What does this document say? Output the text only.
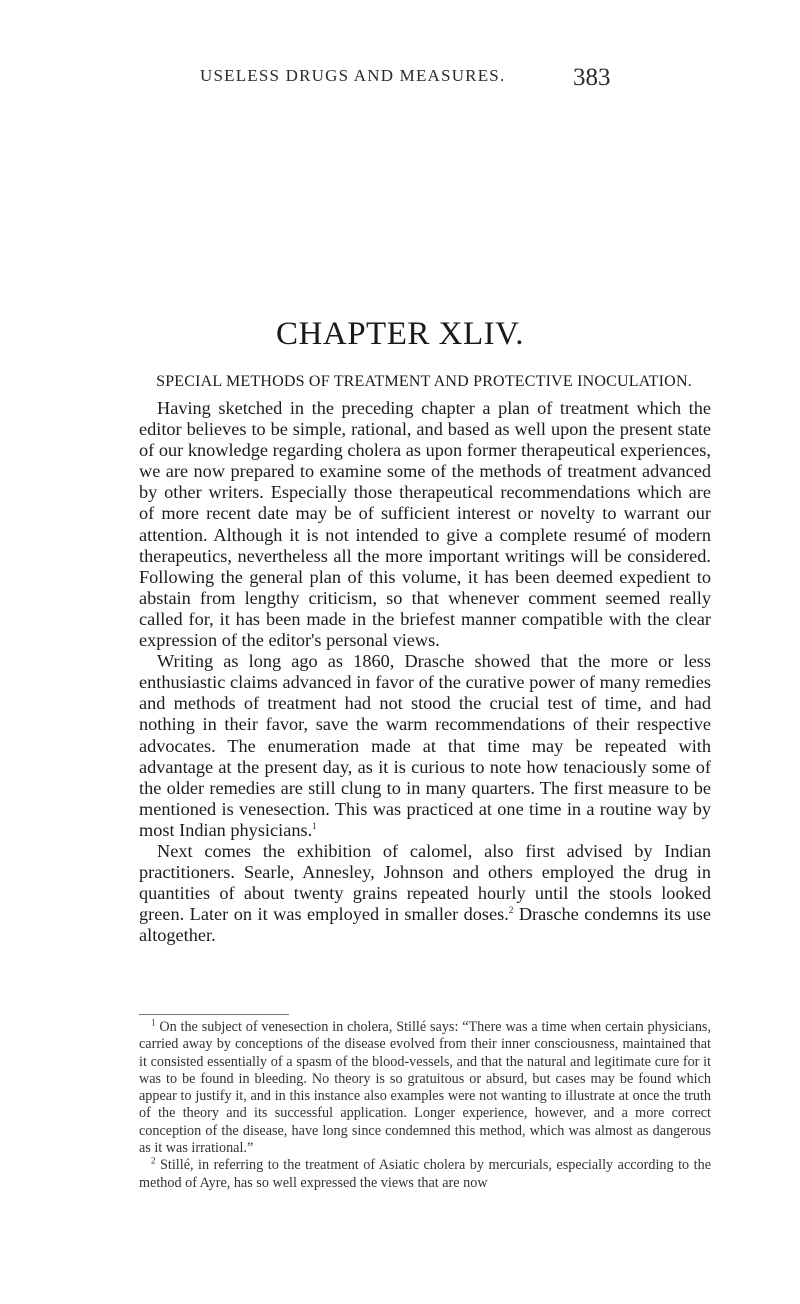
USELESS DRUGS AND MEASURES.	383
CHAPTER XLIV.
SPECIAL METHODS OF TREATMENT AND PROTECTIVE INOCULATION.

Having sketched in the preceding chapter a plan of treatment which the editor believes to be simple, rational, and based as well upon the present state of our knowledge regarding cholera as upon former therapeutical experiences, we are now prepared to examine some of the methods of treatment advanced by other writers. Especially those therapeutical recommendations which are of more recent date may be of sufficient interest or novelty to warrant our attention. Although it is not intended to give a complete resumé of modern therapeutics, nevertheless all the more important writings will be considered. Following the general plan of this volume, it has been deemed expedient to abstain from lengthy criticism, so that whenever comment seemed really called for, it has been made in the briefest manner compatible with the clear expression of the editor's personal views.

Writing as long ago as 1860, Drasche showed that the more or less enthusiastic claims advanced in favor of the curative power of many remedies and methods of treatment had not stood the crucial test of time, and had nothing in their favor, save the warm recommendations of their respective advocates. The enumeration made at that time may be repeated with advantage at the present day, as it is curious to note how tenaciously some of the older remedies are still clung to in many quarters. The first measure to be mentioned is venesection. This was practiced at one time in a routine way by most Indian physicians.$^1$

Next comes the exhibition of calomel, also first advised by Indian practitioners. Searle, Annesley, Johnson and others employed the drug in quantities of about twenty grains repeated hourly until the stools looked green. Later on it was employed in smaller doses.$^2$ Drasche condemns its use altogether.

$^1$ On the subject of venesection in cholera, Stillé says: “There was a time when certain physicians, carried away by conceptions of the disease evolved from their inner consciousness, maintained that it consisted essentially of a spasm of the blood-vessels, and that the natural and legitimate cure for it was to be found in bleeding. No theory is so gratuitous or absurd, but cases may be found which appear to justify it, and in this instance also examples were not wanting to illustrate at once the truth of the theory and its successful application. Longer experience, however, and a more correct conception of the disease, have long since condemned this method, which was almost as dangerous as it was irrational.”

$^2$ Stillé, in referring to the treatment of Asiatic cholera by mercurials, especially according to the method of Ayre, has so well expressed the views that are now
